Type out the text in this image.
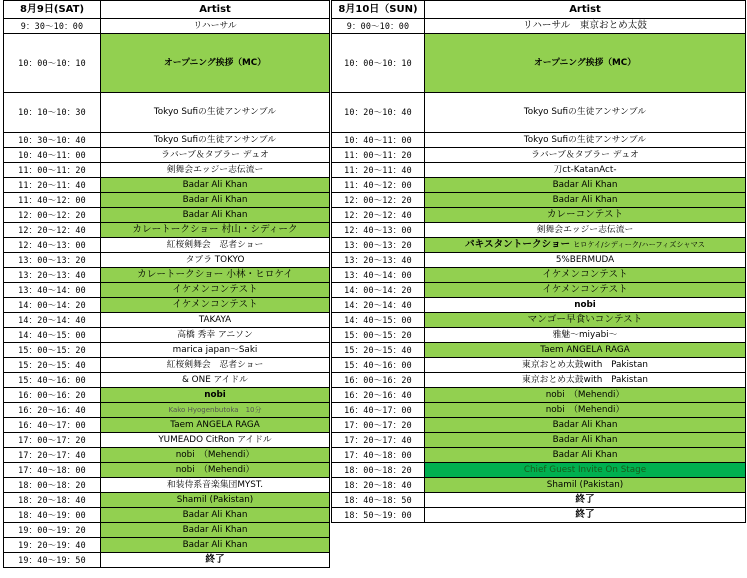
8月9日(SAT)	Artist
9：30〜10：00	リハーサル
10：00〜10：10	オープニング挨拶（MC）
10：10〜10：30	Tokyo Sufiの生徒アンサンブル
10：30〜10：40	Tokyo Sufiの生徒アンサンブル
10：40〜11：00	ラバーブ＆タブラー デュオ
11：00〜11：20	剣舞会エッジー志伝流ー
11：20〜11：40	Badar Ali Khan
11：40〜12：00	Badar Ali Khan
12：00〜12：20	Badar Ali Khan
12：20〜12：40	カレートークショー 村山・シディーク
12：40〜13：00	紅桜剣舞会　忍者ショー
13：00〜13：20	タブラ TOKYO
13：20〜13：40	カレートークショー 小林・ヒロケイ
13：40〜14：00	イケメンコンテスト
14：00〜14：20	イケメンコンテスト
14：20〜14：40	TAKAYA
14：40〜15：00	高橋 秀幸 アニソン
15：00〜15：20	marica japan〜Saki
15：20〜15：40	紅桜剣舞会　忍者ショー
15：40〜16：00	& ONE アイドル
16：00〜16：20	nobi
16：20〜16：40	Kako Hyogenbutoka　10分
16：40〜17：00	Taem ANGELA RAGA
17：00〜17：20	YUMEADO CitRon アイドル
17：20〜17：40	nobi　（Mehendi）
17：40〜18：00	nobi　（Mehendi）
18：00〜18：20	和装侍系音楽集団MYST.
18：20〜18：40	Shamil (Pakistan)
18：40〜19：00	Badar Ali Khan
19：00〜19：20	Badar Ali Khan
19：20〜19：40	Badar Ali Khan
19：40〜19：50	終了
8月10日（SUN)	Artist
9：00〜10：00	リハーサル　東京おとめ太鼓
10：00〜10：10	オープニング挨拶（MC）
10：20〜10：40	Tokyo Sufiの生徒アンサンブル
10：40〜11：00	Tokyo Sufiの生徒アンサンブル
11：00〜11：20	ラバーブ＆タブラー デュオ
11：20〜11：40	刀ct-KatanAct-
11：40〜12：00	Badar Ali Khan
12：00〜12：20	Badar Ali Khan
12：20〜12：40	カレーコンテスト
12：40〜13：00	剣舞会エッジー志伝流ー
13：00〜13：20	パキスタントークショー ヒロケイ/シディーク/ハーフィズシャマス
13：20〜13：40	5%BERMUDA
13：40〜14：00	イケメンコンテスト
14：00〜14：20	イケメンコンテスト
14：20〜14：40	nobi
14：40〜15：00	マンゴー早食いコンテスト
15：00〜15：20	雅魅〜miyabi〜
15：20〜15：40	Taem ANGELA RAGA
15：40〜16：00	東京おとめ太鼓with　Pakistan
16：00〜16：20	東京おとめ太鼓with　Pakistan
16：20〜16：40	nobi　（Mehendi）
16：40〜17：00	nobi　（Mehendi）
17：00〜17：20	Badar Ali Khan
17：20〜17：40	Badar Ali Khan
17：40〜18：00	Badar Ali Khan
18：00〜18：20	Chief Guest Invite On Stage
18：20〜18：40	Shamil (Pakistan)
18：40〜18：50	終了
18：50〜19：00	終了
